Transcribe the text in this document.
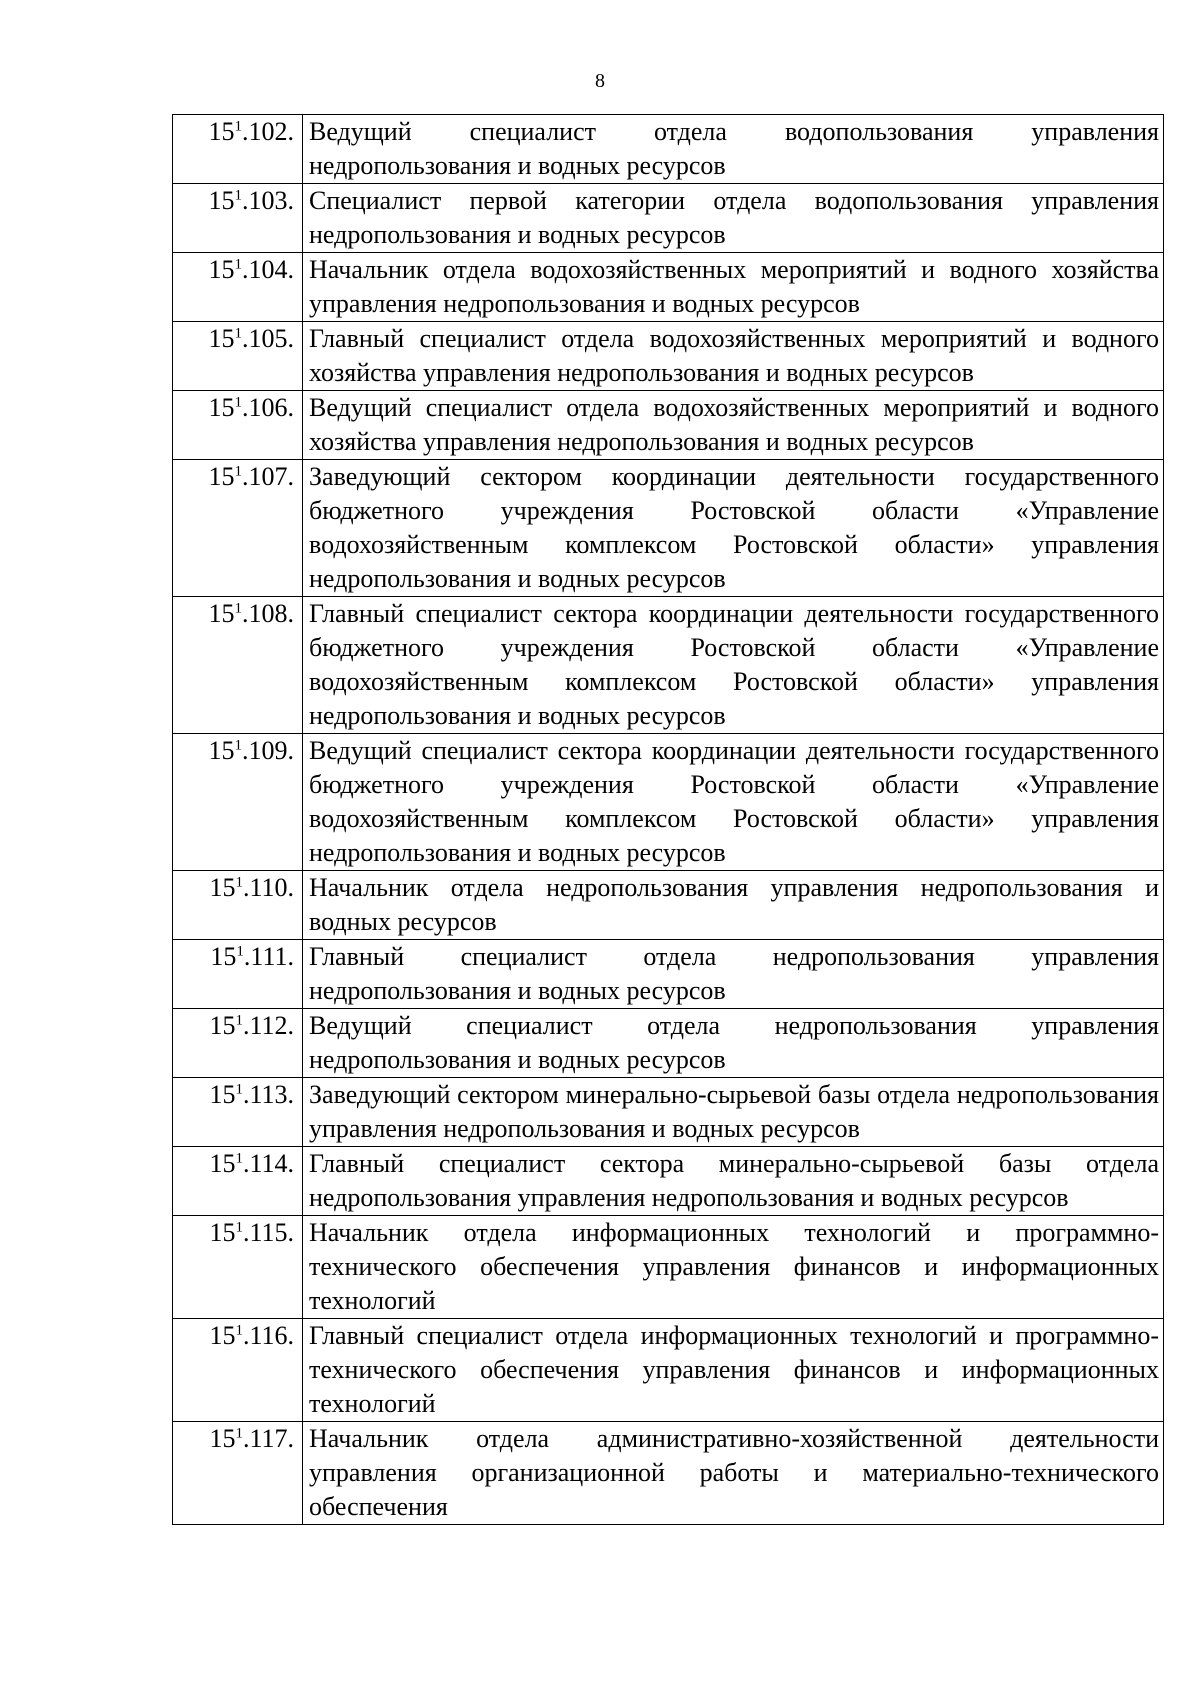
8
$15^1.102$.	Ведущий специалист отдела водопользования управления недропользования и водных ресурсов
$15^1.103$.	Специалист первой категории отдела водопользования управления недропользования и водных ресурсов
$15^1.104$.	Начальник отдела водохозяйственных мероприятий и водного хозяйства управления недропользования и водных ресурсов
$15^1.105$.	Главный специалист отдела водохозяйственных мероприятий и водного хозяйства управления недропользования и водных ресурсов
$15^1.106$.	Ведущий специалист отдела водохозяйственных мероприятий и водного хозяйства управления недропользования и водных ресурсов
$15^1.107$.	Заведующий сектором координации деятельности государственного бюджетного учреждения Ростовской области «Управление водохозяйственным комплексом Ростовской области» управления недропользования и водных ресурсов
$15^1.108$.	Главный специалист сектора координации деятельности государственного бюджетного учреждения Ростовской области «Управление водохозяйственным комплексом Ростовской области» управления недропользования и водных ресурсов
$15^1.109$.	Ведущий специалист сектора координации деятельности государственного бюджетного учреждения Ростовской области «Управление водохозяйственным комплексом Ростовской области» управления недропользования и водных ресурсов
$15^1.110$.	Начальник отдела недропользования управления недропользования и водных ресурсов
$15^1.111$.	Главный специалист отдела недропользования управления недропользования и водных ресурсов
$15^1.112$.	Ведущий специалист отдела недропользования управления недропользования и водных ресурсов
$15^1.113$.	Заведующий сектором минерально-сырьевой базы отдела недропользования управления недропользования и водных ресурсов
$15^1.114$.	Главный специалист сектора минерально-сырьевой базы отдела недропользования управления недропользования и водных ресурсов
$15^1.115$.	Начальник отдела информационных технологий и программно-технического обеспечения управления финансов и информационных технологий
$15^1.116$.	Главный специалист отдела информационных технологий и программно-технического обеспечения управления финансов и информационных технологий
$15^1.117$.	Начальник отдела административно-хозяйственной деятельности управления организационной работы и материально-технического обеспечения
